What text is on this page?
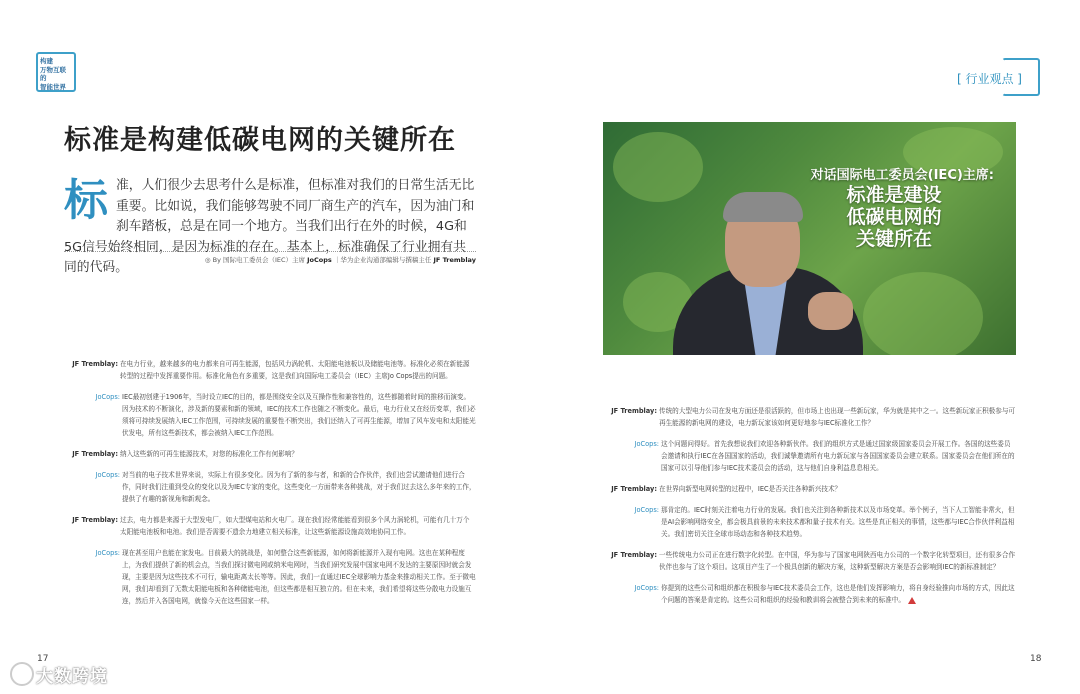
构建
万物互联的
智能世界
[ 行业观点 ]
标准是构建低碳电网的关键所在
标 准，人们很少去思考什么是标准，但标准对我们的日常生活无比重要。比如说，我们能够驾驶不同厂商生产的汽车，因为油门和刹车踏板，总是在同一个地方。当我们出行在外的时候，4G和5G信号始终相同，是因为标准的存在。基本上，标准确保了行业拥有共同的代码。	◎ By 国际电工委员会（IEC）主席 JoCops ｜华为企业沟通部编辑与撰稿主任 JF Tremblay
对话国际电工委员会(IEC)主席:
标准是建设
低碳电网的
关键所在
JF Tremblay: 在电力行业，越来越多的电力都来自可再生能源，包括风力涡轮机、太阳能电池板以及储能电池等。标准化必须在新能源转型的过程中发挥重要作用。标准化角色有多重要，这是我们向国际电工委员会（IEC）主席Jo Cops提出的问题。
JoCops: IEC最初创建于1906年，当时设立IEC的目的，都是围绕安全以及互操作性和兼容性的，这些都随着时间的推移而演变。因为技术的不断演化，涉及新的要素和新的领域，IEC的技术工作也随之不断变化。最后，电力行业又在经历变革，我们必须将可持续发展纳入IEC工作范围，可持续发展的重要性不断突出，我们还纳入了可再生能源，增加了风车发电和太阳能光伏发电，所有这些新技术，都会被纳入IEC工作范围。
JF Tremblay: 纳入这些新的可再生能源技术，对您的标准化工作有何影响？
JoCops: 对当前的电子技术世界来说，实际上有很多变化。因为有了新的参与者，和新的合作伙伴，我们也尝试邀请他们进行合作，同时我们注重到受众的变化以及为IEC专家的变化，这些变化一方面带来各种挑战，对于我们过去这么多年来的工作，提供了有趣的新视角和新观念。
JF Tremblay: 过去，电力都是来源于大型发电厂，如大型煤电站和火电厂。现在我们经常能能看到很多个风力涡轮机，可能有几十万个太阳能电池板和电池。我们是否需要不遗余力地建立相关标准，让这些新能源设施高效地协同工作。
JoCops: 现在甚至用户也能在家发电。目前最大的挑战是，如何整合这些新能源，如何将新能源并入现有电网。这也在某种程度上，为我们提供了新的机会点，当我们探讨微电网或纳米电网时，当我们研究发展中国家电网不发达的主要原因时就会发现，主要是因为这些技术不可行，输电距离太长等等。因此，我们一直通过IEC全球影响力基金来推动相关工作。至于微电网，我们却看到了无数太阳能电板和各种储能电池，但这些都是相互独立的。但在未来，我们希望将这些分散电力设施互连，然后并入各国电网，就像今天在这些国家一样。
JF Tremblay: 传统的大型电力公司在发电方面还是很活跃的，但市场上也出现一些新玩家，华为就是其中之一。这些新玩家正积极参与可再生能源的新电网的建设，电力新玩家该如何更好地参与IEC标准化工作？
JoCops: 这个问题问得好。首先我想说我们欢迎各种新伙伴。我们的组织方式是通过国家级国家委员会开展工作。各国的这些委员会邀请和执行IEC在各国国家的活动，我们诚挚邀请所有电力新玩家与各国国家委员会建立联系。国家委员会在他们所在的国家可以引导他们参与IEC技术委员会的活动，这与他们自身利益息息相关。
JF Tremblay: 在世界向新型电网转型的过程中，IEC是否关注各种新兴技术？
JoCops: 那肯定的。IEC时刻关注着电力行业的发展。我们也关注到各种新技术以及市场变革。举个例子，当下人工智能非常火，但是AI会影响网络安全，都会极具前景的未来技术都和量子技术有关。这些是真正相关的事情，这些都与IEC合作伙伴利益相关。我们密切关注全球市场动态和各种技术趋势。
JF Tremblay: 一些传统电力公司正在进行数字化转型。在中国，华为参与了国家电网陕西电力公司的一个数字化转型项目，还有很多合作伙伴也参与了这个项目。这项目产生了一个极具创新的解决方案，这种新型解决方案是否会影响到IEC的新标准制定？
JoCops: 你提到的这些公司和组织都在积极参与IEC技术委员会工作，这也是他们发挥影响力，将自身经验推向市场的方式，因此这个问题的答案是肯定的。这些公司和组织的经验和教训将会被整合到未来的标准中。
17	18
大数跨境
